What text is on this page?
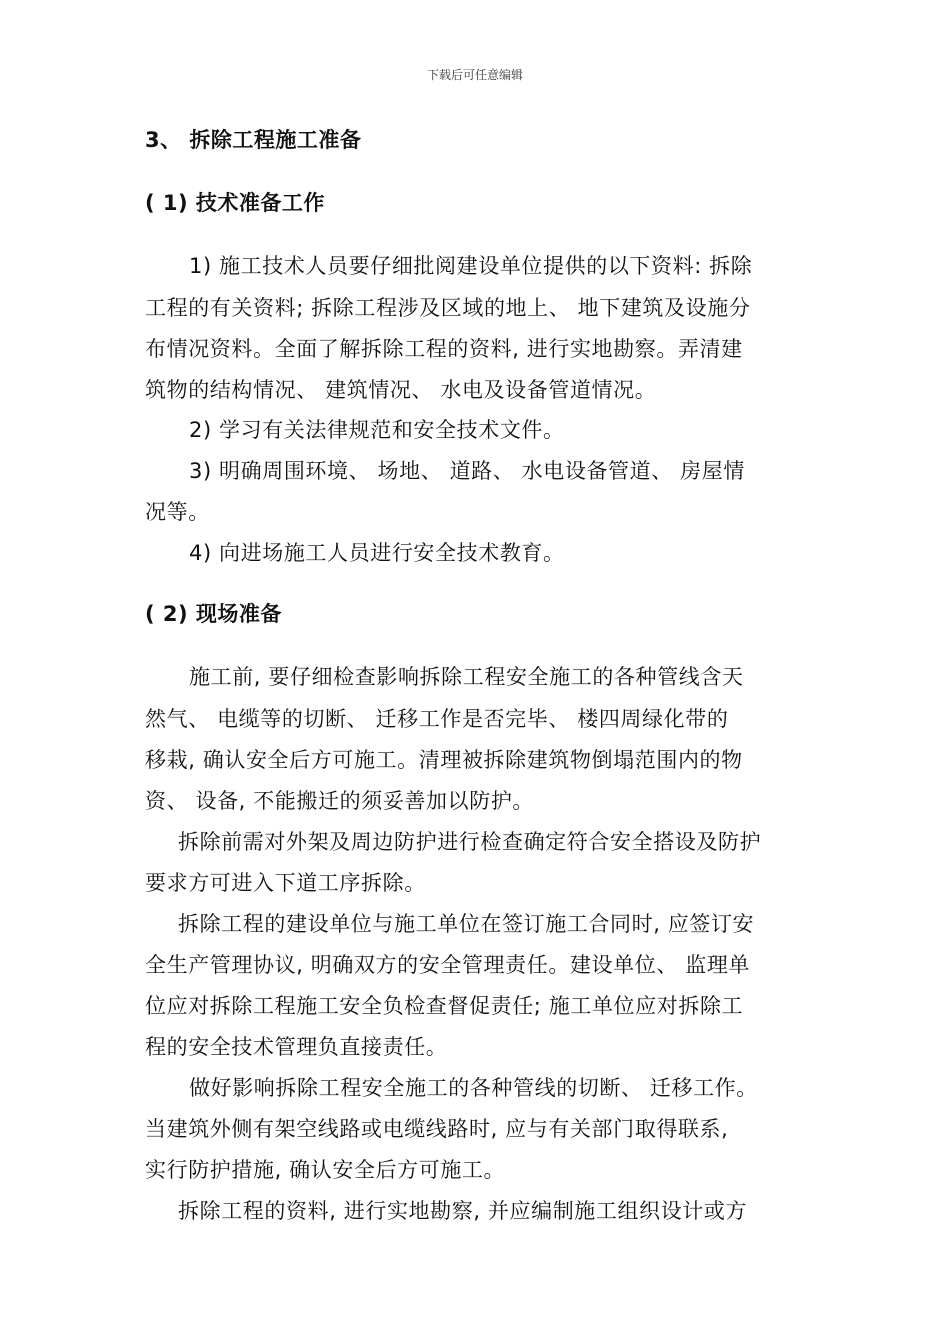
下载后可任意编辑
3、 拆除工程施工准备
( 1) 技术准备工作
1) 施工技术人员要仔细批阅建设单位提供的以下资料: 拆除
工程的有关资料; 拆除工程涉及区域的地上、 地下建筑及设施分
布情况资料。全面了解拆除工程的资料, 进行实地勘察。弄清建
筑物的结构情况、 建筑情况、 水电及设备管道情况。
2) 学习有关法律规范和安全技术文件。
3) 明确周围环境、 场地、 道路、 水电设备管道、 房屋情
况等。
4) 向进场施工人员进行安全技术教育。
( 2) 现场准备
施工前, 要仔细检查影响拆除工程安全施工的各种管线含天
然气、 电缆等的切断、 迁移工作是否完毕、 楼四周绿化带的
移栽, 确认安全后方可施工。清理被拆除建筑物倒塌范围内的物
资、 设备, 不能搬迁的须妥善加以防护。
拆除前需对外架及周边防护进行检查确定符合安全搭设及防护
要求方可进入下道工序拆除。
拆除工程的建设单位与施工单位在签订施工合同时, 应签订安
全生产管理协议, 明确双方的安全管理责任。建设单位、 监理单
位应对拆除工程施工安全负检查督促责任; 施工单位应对拆除工
程的安全技术管理负直接责任。
做好影响拆除工程安全施工的各种管线的切断、 迁移工作。
当建筑外侧有架空线路或电缆线路时, 应与有关部门取得联系,
实行防护措施, 确认安全后方可施工。
拆除工程的资料, 进行实地勘察, 并应编制施工组织设计或方
